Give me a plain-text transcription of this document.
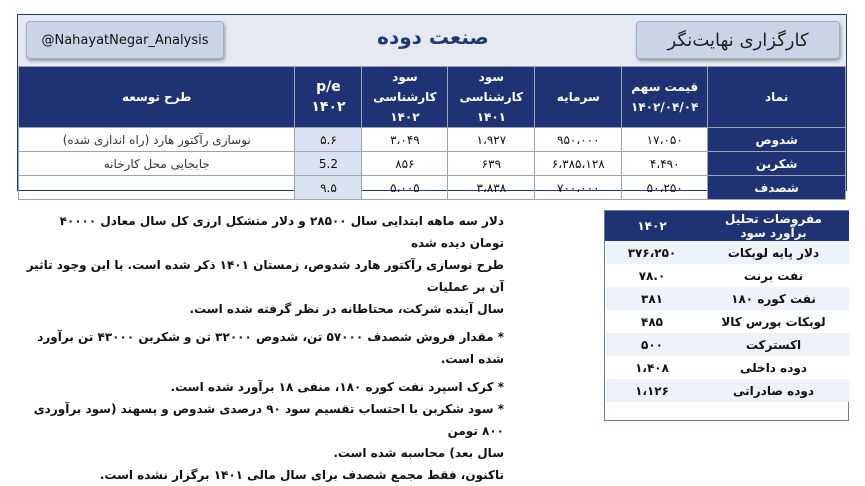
@NahayatNegar_Analysis	صنعت دوده	کارگزاری نهایت‌نگر
نماد	قیمت سهم ۱۴۰۲/۰۴/۰۴	سرمایه	سود کارشناسی ۱۴۰۱	سود کارشناسی ۱۴۰۲	p/e ۱۴۰۲	طرح توسعه
شدوص	۱۷،۰۵۰	۹۵۰،۰۰۰	۱،۹۲۷	۳،۰۴۹	۵.۶	نوسازی رآکتور هارد (راه اندازی شده)
شکربن	۴،۴۹۰	۶،۳۸۵،۱۲۸	۶۳۹	۸۵۶	5.2	جابجایی محل کارخانه
شصدف	۵۰،۲۵۰	۷۰۰،۰۰۰	۳،۸۳۸	۵،۰۰۵	۹.۵	

دلار سه ماهه ابتدایی سال ۲۸۵۰۰ و دلار متشکل ارزی کل سال معادل ۴۰۰۰۰ تومان دیده شده

طرح نوسازی رآکتور هارد شدوص، زمستان ۱۴۰۱ ذکر شده است. با این وجود تاثیر آن بر عملیات

سال آینده شرکت، محتاطانه در نظر گرفته شده است.

* مقدار فروش شصدف ۵۷۰۰۰ تن، شدوص ۳۲۰۰۰ تن و شکربن ۴۳۰۰۰ تن برآورد شده است.

* کرک اسپرد نفت کوره ۱۸۰، منفی ۱۸ برآورد شده است.

* سود شکربن با احتساب تقسیم سود ۹۰ درصدی شدوص و پسهند (سود برآوردی ۸۰۰ تومن

سال بعد) محاسبه شده است.

تاکنون، فقط مجمع شصدف برای سال مالی ۱۴۰۱ برگزار نشده است.

مفروضات تحلیل برآورد سود	۱۴۰۲
دلار پایه لوبکات	۳۷۶،۲۵۰
نفت برنت	۷۸.۰
نفت کوره ۱۸۰	۳۸۱
لوبکات بورس کالا	۴۸۵
اکسترکت	۵۰۰
دوده داخلی	۱،۴۰۸
دوده صادراتی	۱،۱۲۶
